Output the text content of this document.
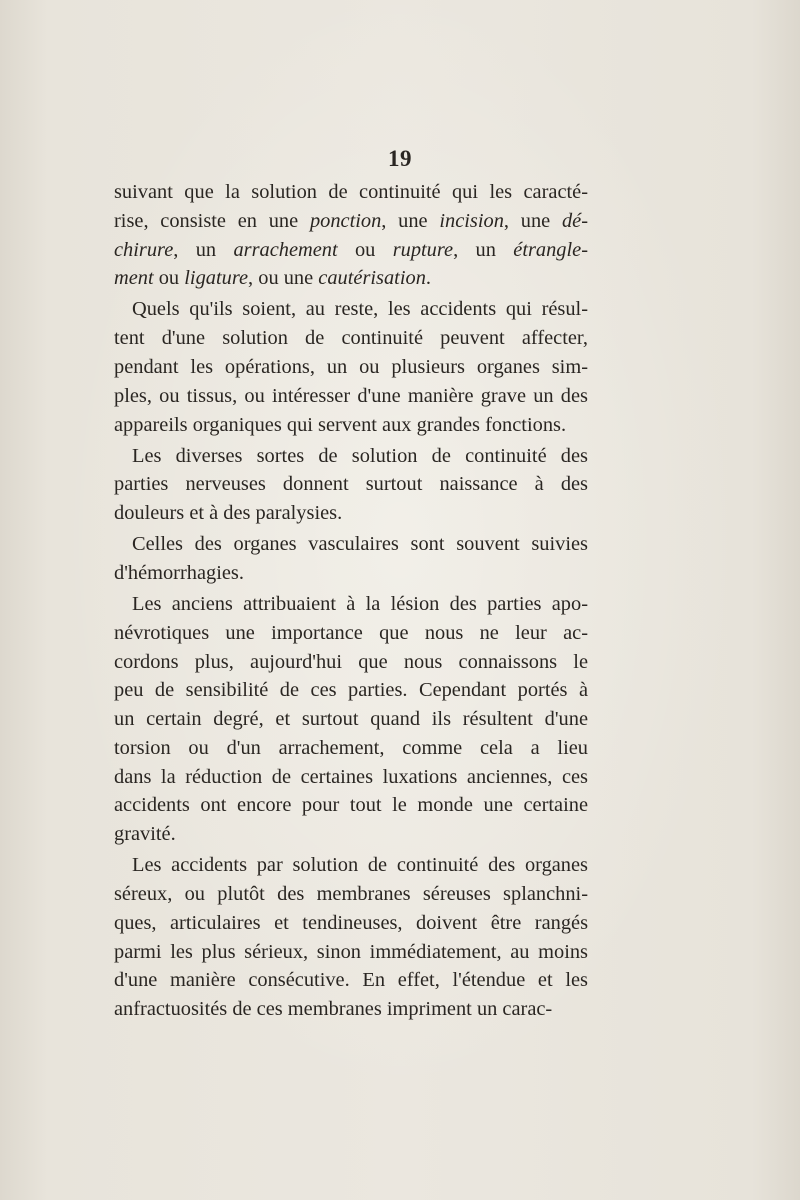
19
suivant que la solution de continuité qui les caracté-
rise, consiste en une ponction, une incision, une dé-
chirure, un arrachement ou rupture, un étrangle-
ment ou ligature, ou une cautérisation.
Quels qu'ils soient, au reste, les accidents qui résul-
tent d'une solution de continuité peuvent affecter,
pendant les opérations, un ou plusieurs organes sim-
ples, ou tissus, ou intéresser d'une manière grave un des
appareils organiques qui servent aux grandes fonctions.
Les diverses sortes de solution de continuité des
parties nerveuses donnent surtout naissance à des
douleurs et à des paralysies.
Celles des organes vasculaires sont souvent suivies
d'hémorrhagies.
Les anciens attribuaient à la lésion des parties apo-
névrotiques une importance que nous ne leur ac-
cordons plus, aujourd'hui que nous connaissons le
peu de sensibilité de ces parties. Cependant portés à
un certain degré, et surtout quand ils résultent d'une
torsion ou d'un arrachement, comme cela a lieu
dans la réduction de certaines luxations anciennes, ces
accidents ont encore pour tout le monde une certaine
gravité.
Les accidents par solution de continuité des organes
séreux, ou plutôt des membranes séreuses splanchni-
ques, articulaires et tendineuses, doivent être rangés
parmi les plus sérieux, sinon immédiatement, au moins
d'une manière consécutive. En effet, l'étendue et les
anfractuosités de ces membranes impriment un carac-
